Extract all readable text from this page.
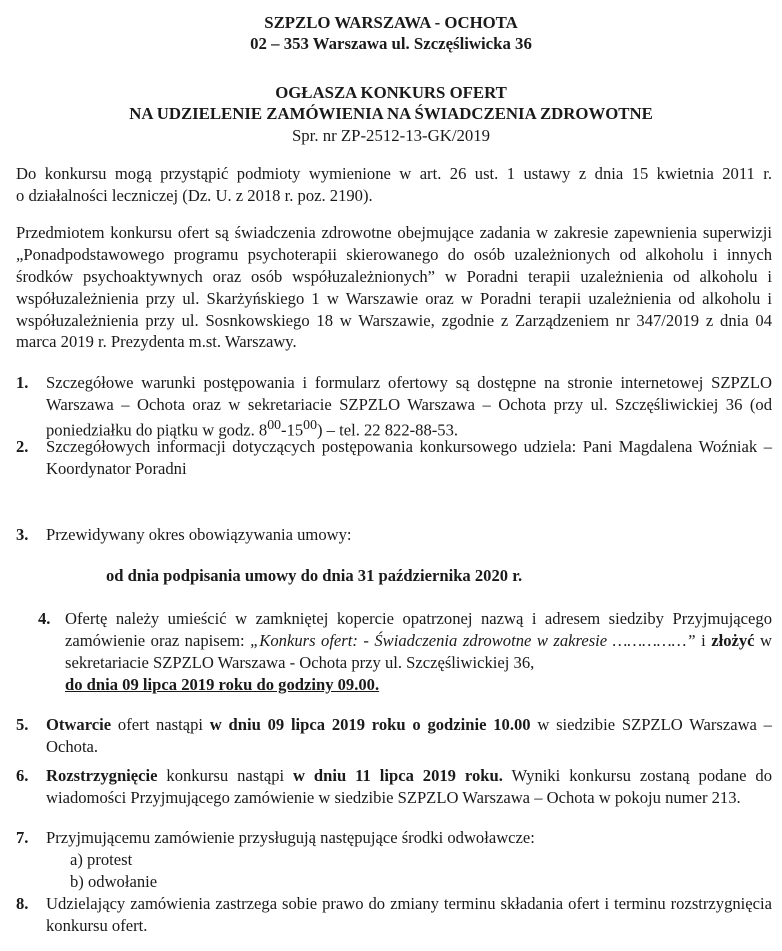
SZPZLO WARSZAWA - OCHOTA
02 – 353 Warszawa ul. Szczęśliwicka 36
OGŁASZA KONKURS OFERT
NA UDZIELENIE ZAMÓWIENIA NA ŚWIADCZENIA ZDROWOTNE
Spr. nr ZP-2512-13-GK/2019
Do konkursu mogą przystąpić podmioty wymienione w art. 26 ust. 1 ustawy z dnia 15 kwietnia 2011 r.
o działalności leczniczej (Dz. U. z 2018 r. poz. 2190).
Przedmiotem konkursu ofert są świadczenia zdrowotne obejmujące zadania w zakresie zapewnienia superwizji „Ponadpodstawowego programu psychoterapii skierowanego do osób uzależnionych od alkoholu i innych środków psychoaktywnych oraz osób współuzależnionych” w Poradni terapii uzależnienia od alkoholu i współuzależnienia przy ul. Skarżyńskiego 1 w Warszawie oraz w Poradni terapii uzależnienia od alkoholu i współuzależnienia przy ul. Sosnkowskiego 18 w Warszawie, zgodnie z Zarządzeniem nr 347/2019 z dnia 04 marca 2019 r. Prezydenta m.st. Warszawy.
1. Szczegółowe warunki postępowania i formularz ofertowy są dostępne na stronie internetowej SZPZLO Warszawa – Ochota oraz w sekretariacie SZPZLO Warszawa – Ochota przy ul. Szczęśliwickiej 36 (od poniedziałku do piątku w godz. $8^{00}-15^{00}$) – tel. 22 822-88-53.
2. Szczegółowych informacji dotyczących postępowania konkursowego udziela: Pani Magdalena Woźniak – Koordynator Poradni
3. Przewidywany okres obowiązywania umowy:
od dnia podpisania umowy do dnia 31 października 2020 r.
4. Ofertę należy umieścić w zamkniętej kopercie opatrzonej nazwą i adresem siedziby Przyjmującego zamówienie oraz napisem: „Konkurs ofert: - Świadczenia zdrowotne w zakresie ……………” i złożyć w sekretariacie SZPZLO Warszawa - Ochota przy ul. Szczęśliwickiej 36,
do dnia 09 lipca 2019 roku do godziny 09.00.
5. Otwarcie ofert nastąpi w dniu 09 lipca 2019 roku o godzinie 10.00 w siedzibie SZPZLO Warszawa – Ochota.
6. Rozstrzygnięcie konkursu nastąpi w dniu 11 lipca 2019 roku. Wyniki konkursu zostaną podane do wiadomości Przyjmującego zamówienie w siedzibie SZPZLO Warszawa – Ochota w pokoju numer 213.
7. Przyjmującemu zamówienie przysługują następujące środki odwoławcze:
a) protest
b) odwołanie
8. Udzielający zamówienia zastrzega sobie prawo do zmiany terminu składania ofert i terminu rozstrzygnięcia konkursu ofert.
